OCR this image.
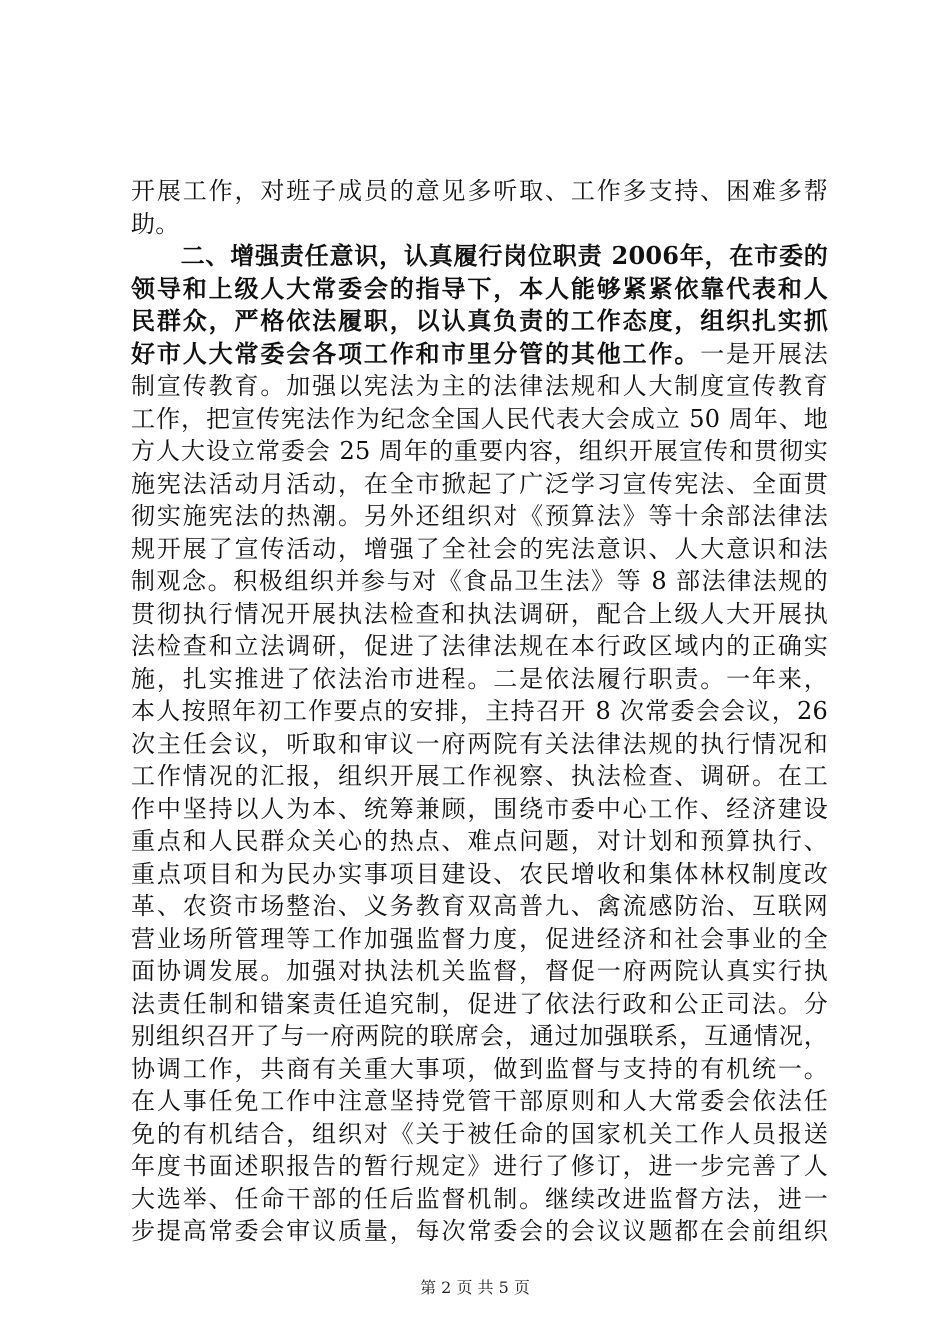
开展工作，对班子成员的意见多听取、工作多支持、困难多帮
助。
　　二、增强责任意识，认真履行岗位职责 2006年，在市委的
领导和上级人大常委会的指导下，本人能够紧紧依靠代表和人
民群众，严格依法履职，以认真负责的工作态度，组织扎实抓
好市人大常委会各项工作和市里分管的其他工作。一是开展法
制宣传教育。加强以宪法为主的法律法规和人大制度宣传教育
工作，把宣传宪法作为纪念全国人民代表大会成立 50 周年、地
方人大设立常委会 25 周年的重要内容，组织开展宣传和贯彻实
施宪法活动月活动，在全市掀起了广泛学习宣传宪法、全面贯
彻实施宪法的热潮。另外还组织对《预算法》等十余部法律法
规开展了宣传活动，增强了全社会的宪法意识、人大意识和法
制观念。积极组织并参与对《食品卫生法》等 8 部法律法规的
贯彻执行情况开展执法检查和执法调研，配合上级人大开展执
法检查和立法调研，促进了法律法规在本行政区域内的正确实
施，扎实推进了依法治市进程。二是依法履行职责。一年来，
本人按照年初工作要点的安排，主持召开 8 次常委会会议，26
次主任会议，听取和审议一府两院有关法律法规的执行情况和
工作情况的汇报，组织开展工作视察、执法检查、调研。在工
作中坚持以人为本、统筹兼顾，围绕市委中心工作、经济建设
重点和人民群众关心的热点、难点问题，对计划和预算执行、
重点项目和为民办实事项目建设、农民增收和集体林权制度改
革、农资市场整治、义务教育双高普九、禽流感防治、互联网
营业场所管理等工作加强监督力度，促进经济和社会事业的全
面协调发展。加强对执法机关监督，督促一府两院认真实行执
法责任制和错案责任追究制，促进了依法行政和公正司法。分
别组织召开了与一府两院的联席会，通过加强联系，互通情况，
协调工作，共商有关重大事项，做到监督与支持的有机统一。
在人事任免工作中注意坚持党管干部原则和人大常委会依法任
免的有机结合，组织对《关于被任命的国家机关工作人员报送
年度书面述职报告的暂行规定》进行了修订，进一步完善了人
大选举、任命干部的任后监督机制。继续改进监督方法，进一
步提高常委会审议质量，每次常委会的会议议题都在会前组织
第 2 页 共 5 页
